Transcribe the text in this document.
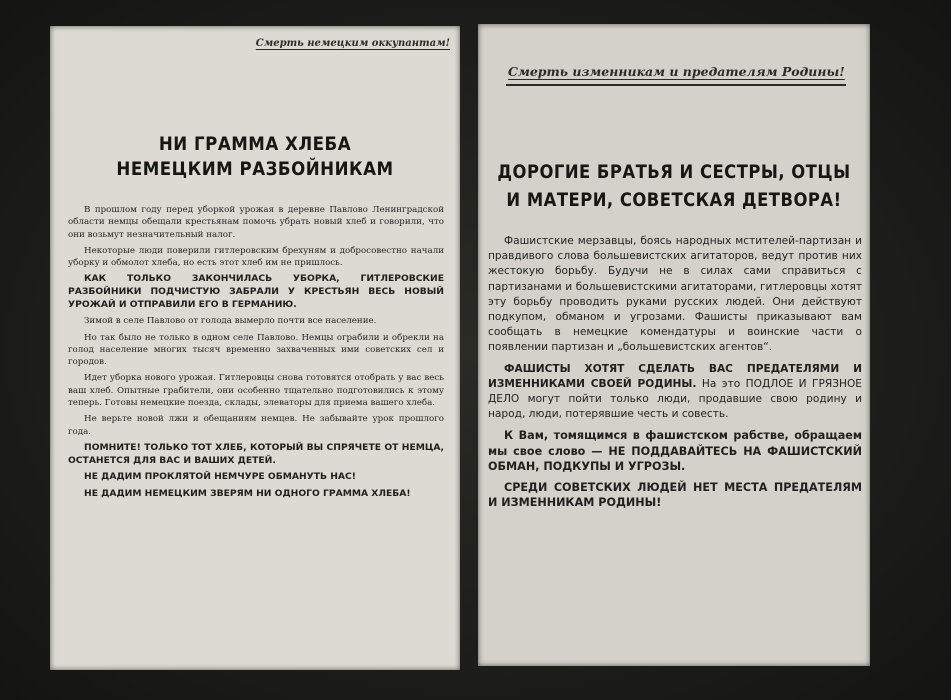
Смерть немецким оккупантам!
НИ ГРАММА ХЛЕБА
НЕМЕЦКИМ РАЗБОЙНИКАМ

В прошлом году перед уборкой урожая в деревне Павлово Ленинградской области немцы обещали крестьянам помочь убрать новый хлеб и говорили, что они возьмут незначительный налог.

Некоторые люди поверили гитлеровским брехуням и добросовестно начали уборку и обмолот хлеба, но есть этот хлеб им не пришлось.

КАК ТОЛЬКО ЗАКОНЧИЛАСЬ УБОРКА, ГИТЛЕРОВСКИЕ РАЗБОЙНИКИ ПОДЧИСТУЮ ЗАБРАЛИ У КРЕСТЬЯН ВЕСЬ НОВЫЙ УРОЖАЙ И ОТПРАВИЛИ ЕГО В ГЕРМАНИЮ.

Зимой в селе Павлово от голода вымерло почти все население.

Но так было не только в одном селе Павлово. Немцы ограбили и обрекли на голод население многих тысяч временно захваченных ими советских сел и городов.

Идет уборка нового урожая. Гитлеровцы снова готовятся отобрать у вас весь ваш хлеб. Опытные грабители, они особенно тщательно подготовились к этому теперь. Готовы немецкие поезда, склады, элеваторы для приема вашего хлеба.

Не верьте новой лжи и обещаниям немцев. Не забывайте урок прошлого года.

ПОМНИТЕ! ТОЛЬКО ТОТ ХЛЕБ, КОТОРЫЙ ВЫ СПРЯЧЕТЕ ОТ НЕМЦА, ОСТАНЕТСЯ ДЛЯ ВАС И ВАШИХ ДЕТЕЙ.

НЕ ДАДИМ ПРОКЛЯТОЙ НЕМЧУРЕ ОБМАНУТЬ НАС!

НЕ ДАДИМ НЕМЕЦКИМ ЗВЕРЯМ НИ ОДНОГО ГРАММА ХЛЕБА!

Смерть изменникам и предателям Родины!
ДОРОГИЕ БРАТЬЯ И СЕСТРЫ, ОТЦЫ
И МАТЕРИ, СОВЕТСКАЯ ДЕТВОРА!

Фашистские мерзавцы, боясь народных мстителей-партизан и правдивого слова большевистских агитаторов, ведут против них жестокую борьбу. Будучи не в силах сами справиться с партизанами и большевистскими агитаторами, гитлеровцы хотят эту борьбу проводить руками русских людей. Они действуют подкупом, обманом и угрозами. Фашисты приказывают вам сообщать в немецкие комендатуры и воинские части о появлении партизан и „большевистских агентов“.

ФАШИСТЫ ХОТЯТ СДЕЛАТЬ ВАС ПРЕДАТЕЛЯМИ И ИЗМЕННИКАМИ СВОЕЙ РОДИНЫ. На это ПОДЛОЕ И ГРЯЗНОЕ ДЕЛО могут пойти только люди, продавшие свою родину и народ, люди, потерявшие честь и совесть.

К Вам, томящимся в фашистском рабстве, обращаем мы свое слово — НЕ ПОДДАВАЙТЕСЬ НА ФАШИСТСКИЙ ОБМАН, ПОДКУПЫ И УГРОЗЫ.

СРЕДИ СОВЕТСКИХ ЛЮДЕЙ НЕТ МЕСТА ПРЕДАТЕЛЯМ И ИЗМЕННИКАМ РОДИНЫ!
